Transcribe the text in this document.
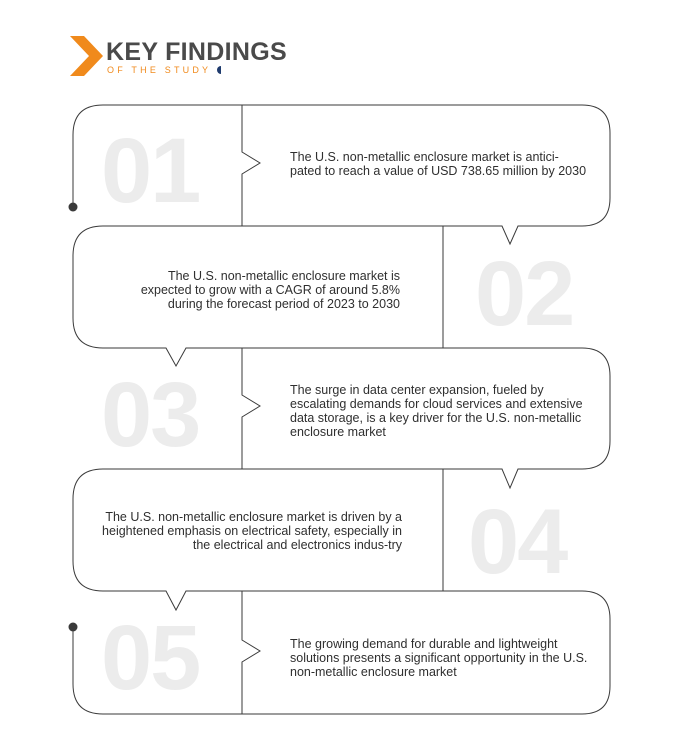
KEY FINDINGS
OF THE STUDY
01
02
03
04
05
The U.S. non-metallic enclosure market is antici-pated to reach a value of USD 738.65 million by 2030
The U.S. non-metallic enclosure market is expected to grow with a CAGR of around 5.8% during the forecast period of 2023 to 2030
The surge in data center expansion, fueled by escalating demands for cloud services and extensive data storage, is a key driver for the U.S. non-metallic enclosure market
The U.S. non-metallic enclosure market is driven by a heightened emphasis on electrical safety, especially in the electrical and electronics indus-try
The growing demand for durable and lightweight solutions presents a significant opportunity in the U.S. non-metallic enclosure market
